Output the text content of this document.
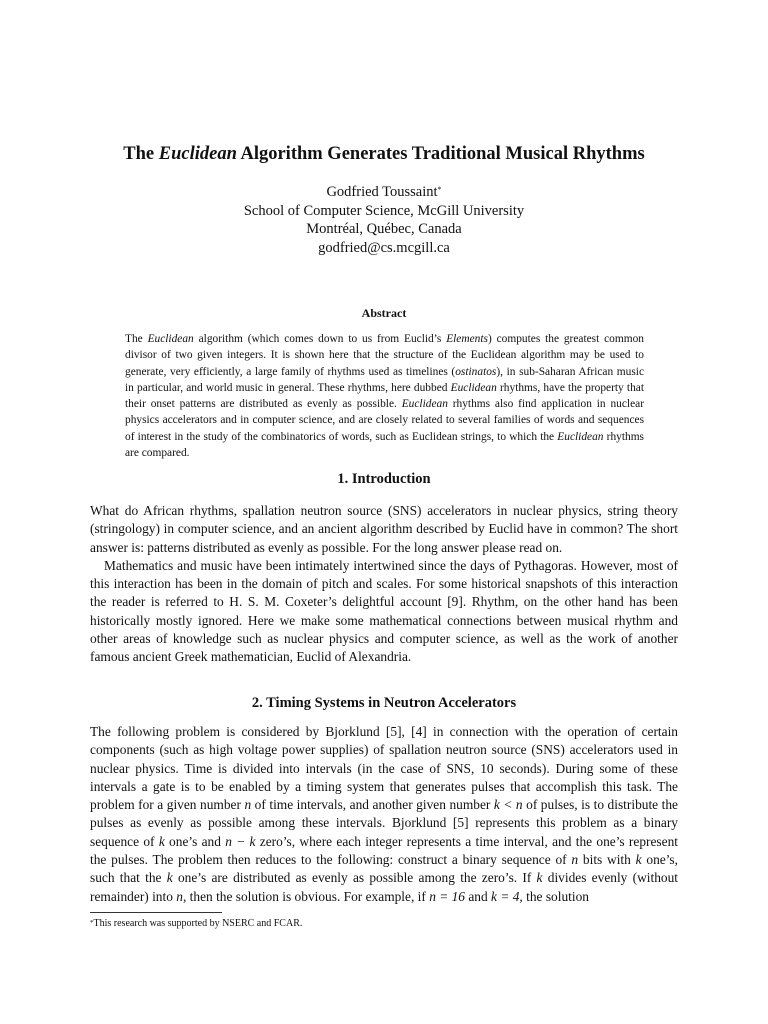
The Euclidean Algorithm Generates Traditional Musical Rhythms
Godfried Toussaint*
School of Computer Science, McGill University
Montréal, Québec, Canada
godfried@cs.mcgill.ca
Abstract
The Euclidean algorithm (which comes down to us from Euclid’s Elements) computes the greatest common divisor of two given integers. It is shown here that the structure of the Euclidean algorithm may be used to generate, very efficiently, a large family of rhythms used as timelines (ostinatos), in sub-Saharan African music in particular, and world music in general. These rhythms, here dubbed Euclidean rhythms, have the property that their onset patterns are distributed as evenly as possible. Euclidean rhythms also find application in nuclear physics accelerators and in computer science, and are closely related to several families of words and sequences of interest in the study of the combinatorics of words, such as Euclidean strings, to which the Euclidean rhythms are compared.
1. Introduction

What do African rhythms, spallation neutron source (SNS) accelerators in nuclear physics, string theory (stringology) in computer science, and an ancient algorithm described by Euclid have in common? The short answer is: patterns distributed as evenly as possible. For the long answer please read on.

Mathematics and music have been intimately intertwined since the days of Pythagoras. However, most of this interaction has been in the domain of pitch and scales. For some historical snapshots of this interaction the reader is referred to H. S. M. Coxeter’s delightful account [9]. Rhythm, on the other hand has been historically mostly ignored. Here we make some mathematical connections between musical rhythm and other areas of knowledge such as nuclear physics and computer science, as well as the work of another famous ancient Greek mathematician, Euclid of Alexandria.

2. Timing Systems in Neutron Accelerators

The following problem is considered by Bjorklund [5], [4] in connection with the operation of certain components (such as high voltage power supplies) of spallation neutron source (SNS) accelerators used in nuclear physics. Time is divided into intervals (in the case of SNS, 10 seconds). During some of these intervals a gate is to be enabled by a timing system that generates pulses that accomplish this task. The problem for a given number n of time intervals, and another given number k < n of pulses, is to distribute the pulses as evenly as possible among these intervals. Bjorklund [5] represents this problem as a binary sequence of k one’s and n − k zero’s, where each integer represents a time interval, and the one’s represent the pulses. The problem then reduces to the following: construct a binary sequence of n bits with k one’s, such that the k one’s are distributed as evenly as possible among the zero’s. If k divides evenly (without remainder) into n, then the solution is obvious. For example, if n = 16 and k = 4, the solution

*This research was supported by NSERC and FCAR.
